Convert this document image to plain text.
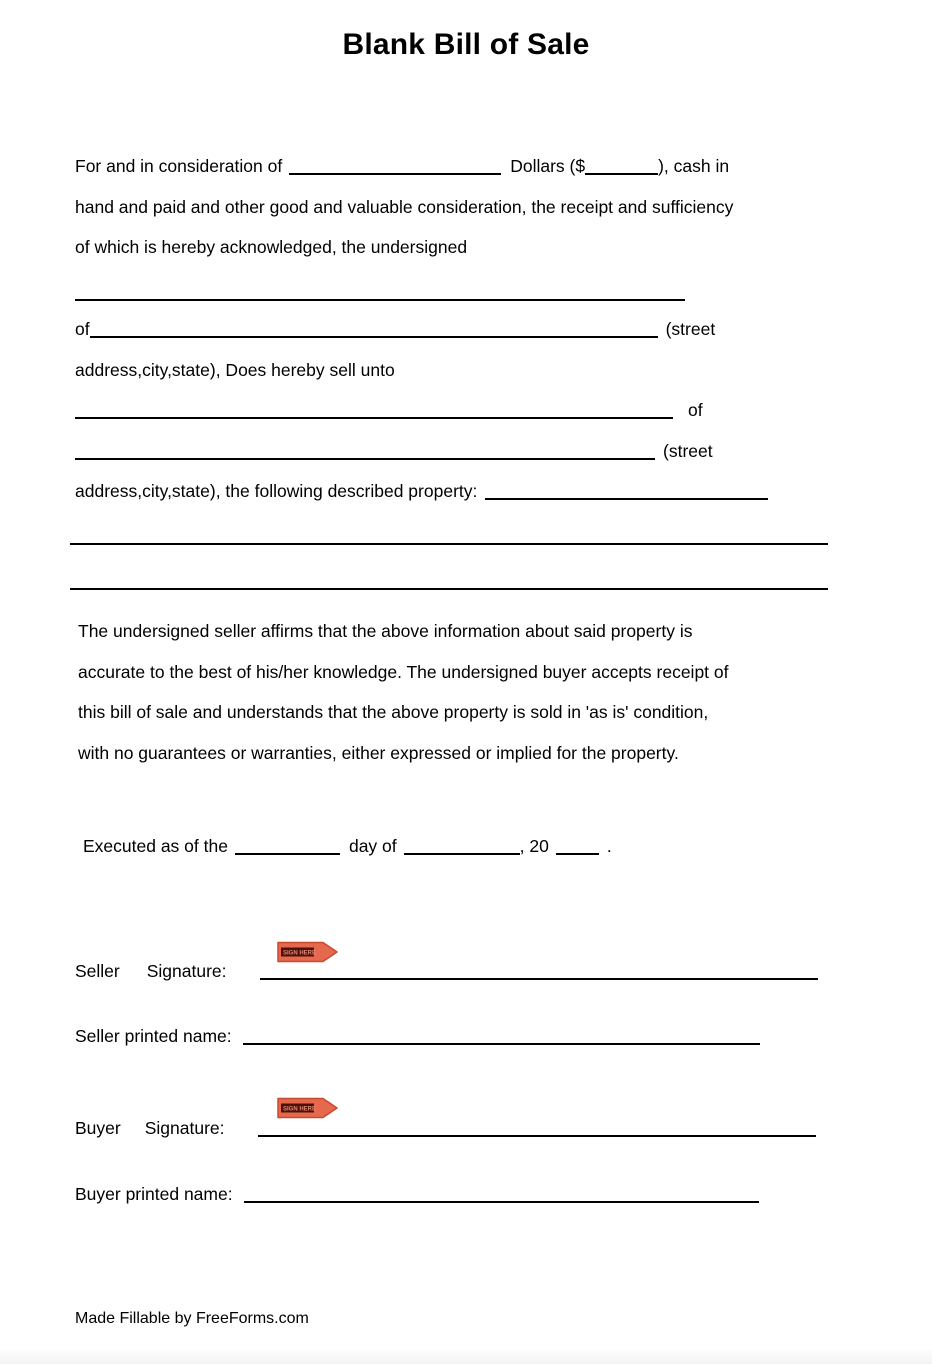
Blank Bill of Sale
For and in consideration of	Dollars ($	), cash in
hand and paid and other good and valuable consideration, the receipt and sufficiency
of which is hereby acknowledged, the undersigned
of	(street
address,city,state), Does hereby sell unto
of
(street
address,city,state), the following described property:
The undersigned seller affirms that the above information about said property is
accurate to the best of his/her knowledge. The undersigned buyer accepts receipt of
this bill of sale and understands that the above property is sold in 'as is' condition,
with no guarantees or warranties, either expressed or implied for the property.
Executed as of the	day of	, 20	.
SIGN HERE
Seller Signature:
Seller printed name:
SIGN HERE
Buyer Signature:
Buyer printed name:
Made Fillable by FreeForms.com
